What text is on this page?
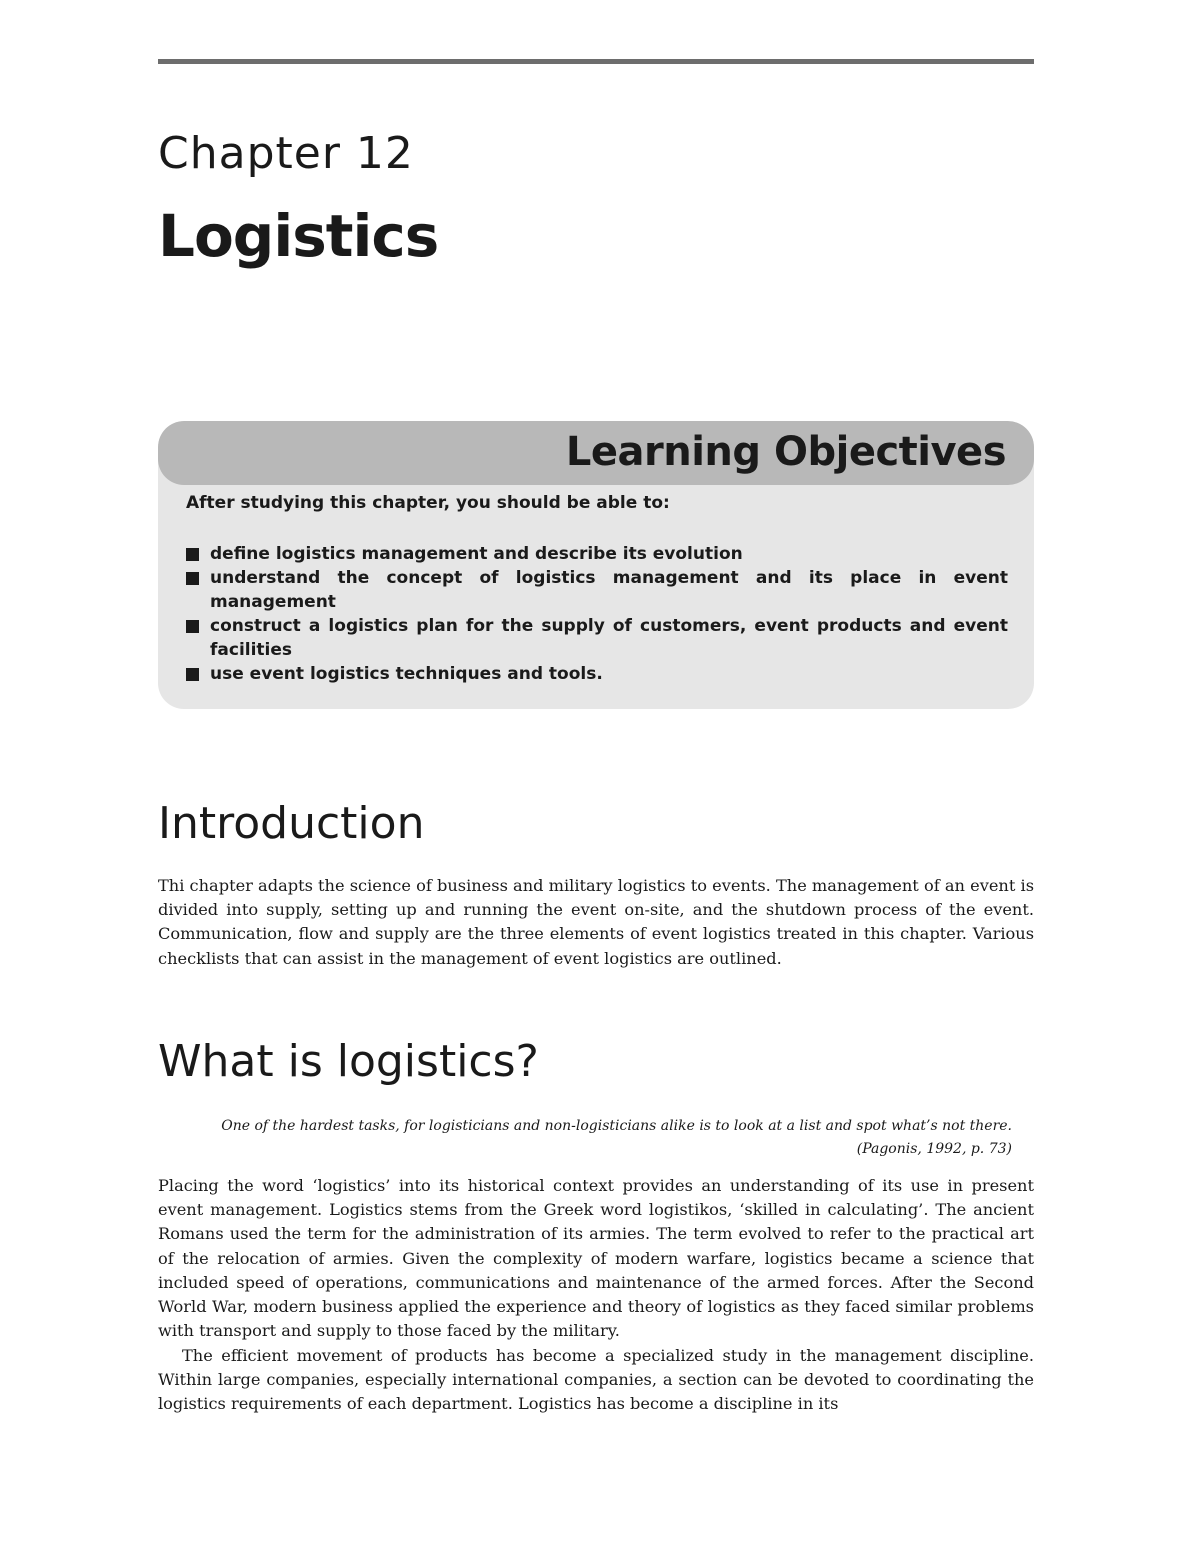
Chapter 12
Logistics
Learning Objectives
After studying this chapter, you should be able to:
define logistics management and describe its evolution
understand the concept of logistics management and its place in event management
construct a logistics plan for the supply of customers, event products and event facilities
use event logistics techniques and tools.
Introduction

Thi chapter adapts the science of business and military logistics to events. The management of an event is divided into supply, setting up and running the event on-site, and the shutdown process of the event. Communication, flow and supply are the three elements of event logistics treated in this chapter. Various checklists that can assist in the management of event logistics are outlined.

What is logistics?
One of the hardest tasks, for logisticians and non-logisticians alike is to look at a list and spot what’s not there.
(Pagonis, 1992, p. 73)

Placing the word ‘logistics’ into its historical context provides an understanding of its use in present event management. Logistics stems from the Greek word logistikos, ‘skilled in calculating’. The ancient Romans used the term for the administration of its armies. The term evolved to refer to the practical art of the relocation of armies. Given the complexity of modern warfare, logistics became a science that included speed of operations, communications and maintenance of the armed forces. After the Second World War, modern business applied the experience and theory of logistics as they faced similar problems with transport and supply to those faced by the military.

The efficient movement of products has become a specialized study in the management discipline. Within large companies, especially international companies, a section can be devoted to coordinating the logistics requirements of each department. Logistics has become a discipline in its
